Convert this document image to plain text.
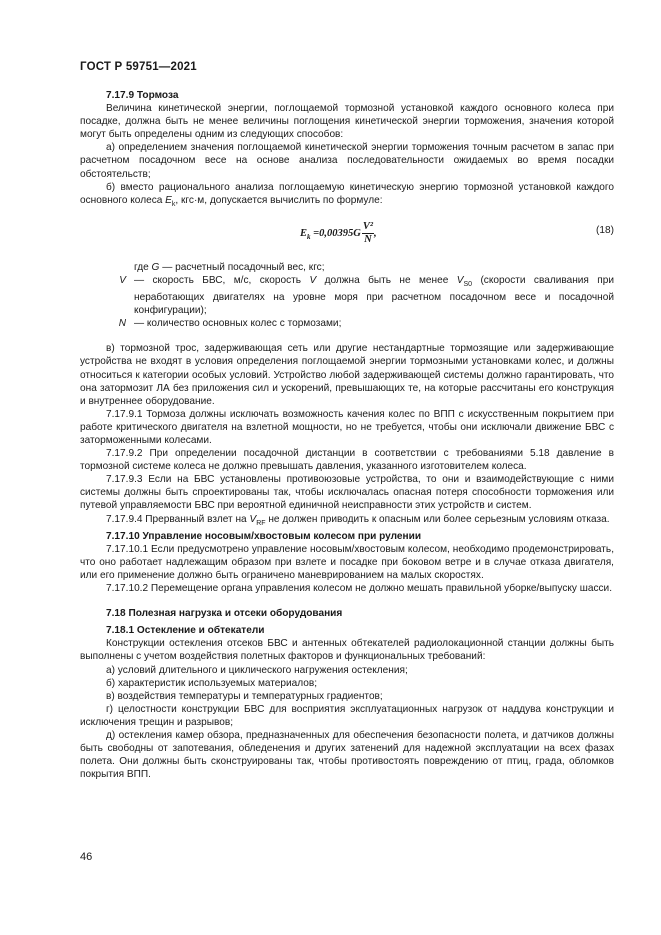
ГОСТ Р 59751—2021

7.17.9 Тормоза

Величина кинетической энергии, поглощаемой тормозной установкой каждого основного колеса при посадке, должна быть не менее величины поглощения кинетической энергии торможения, значения которой могут быть определены одним из следующих способов:

а) определением значения поглощаемой кинетической энергии торможения точным расчетом в запас при расчетном посадочном весе на основе анализа последовательности ожидаемых во время посадки обстоятельств;

б) вместо рационального анализа поглощаемую кинетическую энергию тормозной установкой каждого основного колеса $E_k$, кгс·м, допускается вычислить по формуле:

$E_k =0,00395G \frac{\text{V²}}{N}$ ,	(18)

где G — расчетный посадочный вес, кгс;

V — скорость БВС, м/с, скорость V должна быть не менее $V_{S0}$ (скорости сваливания при неработающих двигателях на уровне моря при расчетном посадочном весе и посадочной конфигурации);

N — количество основных колес с тормозами;

в) тормозной трос, задерживающая сеть или другие нестандартные тормозящие или задерживающие устройства не входят в условия определения поглощаемой энергии тормозными установками колес, и должны относиться к категории особых условий. Устройство любой задерживающей системы должно гарантировать, что она затормозит ЛА без приложения сил и ускорений, превышающих те, на которые рассчитаны его конструкция и внутреннее оборудование.

7.17.9.1 Тормоза должны исключать возможность качения колес по ВПП с искусственным покрытием при работе критического двигателя на взлетной мощности, но не требуется, чтобы они исключали движение БВС с заторможенными колесами.

7.17.9.2 При определении посадочной дистанции в соответствии с требованиями 5.18 давление в тормозной системе колеса не должно превышать давления, указанного изготовителем колеса.

7.17.9.3 Если на БВС установлены противоюзовые устройства, то они и взаимодействующие с ними системы должны быть спроектированы так, чтобы исключалась опасная потеря способности торможения или путевой управляемости БВС при вероятной единичной неисправности этих устройств и систем.

7.17.9.4 Прерванный взлет на $V_{RF}$ не должен приводить к опасным или более серьезным условиям отказа.

7.17.10 Управление носовым/хвостовым колесом при рулении

7.17.10.1 Если предусмотрено управление носовым/хвостовым колесом, необходимо продемонстрировать, что оно работает надлежащим образом при взлете и посадке при боковом ветре и в случае отказа двигателя, или его применение должно быть ограничено маневрированием на малых скоростях.

7.17.10.2 Перемещение органа управления колесом не должно мешать правильной уборке/выпуску шасси.

7.18 Полезная нагрузка и отсеки оборудования

7.18.1 Остекление и обтекатели

Конструкции остекления отсеков БВС и антенных обтекателей радиолокационной станции должны быть выполнены с учетом воздействия полетных факторов и функциональных требований:

а) условий длительного и циклического нагружения остекления;

б) характеристик используемых материалов;

в) воздействия температуры и температурных градиентов;

г) целостности конструкции БВС для восприятия эксплуатационных нагрузок от наддува конструкции и исключения трещин и разрывов;

д) остекления камер обзора, предназначенных для обеспечения безопасности полета, и датчиков должны быть свободны от запотевания, обледенения и других затенений для надежной эксплуатации на всех фазах полета. Они должны быть сконструированы так, чтобы противостоять повреждению от птиц, града, обломков покрытия ВПП.

46
